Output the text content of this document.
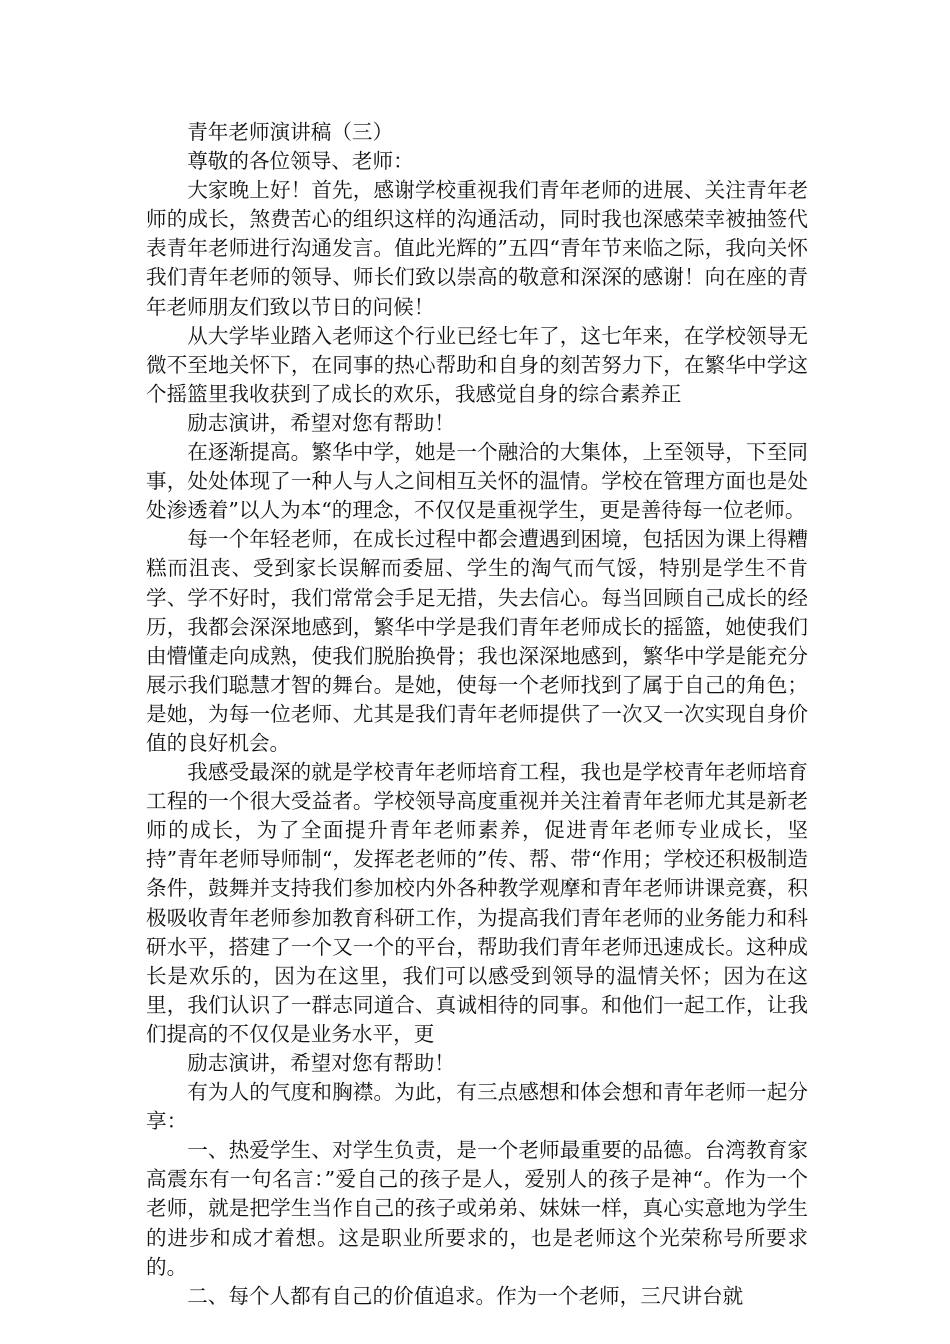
青年老师演讲稿（三）

尊敬的各位领导、老师：

大家晚上好！首先，感谢学校重视我们青年老师的进展、关注青年老师的成长，煞费苦心的组织这样的沟通活动，同时我也深感荣幸被抽签代表青年老师进行沟通发言。值此光辉的”五四“青年节来临之际，我向关怀我们青年老师的领导、师长们致以崇高的敬意和深深的感谢！向在座的青年老师朋友们致以节日的问候！

从大学毕业踏入老师这个行业已经七年了，这七年来，在学校领导无微不至地关怀下，在同事的热心帮助和自身的刻苦努力下，在繁华中学这个摇篮里我收获到了成长的欢乐，我感觉自身的综合素养正

励志演讲，希望对您有帮助！

在逐渐提高。繁华中学，她是一个融洽的大集体，上至领导，下至同事，处处体现了一种人与人之间相互关怀的温情。学校在管理方面也是处处渗透着”以人为本“的理念，不仅仅是重视学生，更是善待每一位老师。

每一个年轻老师，在成长过程中都会遭遇到困境，包括因为课上得糟糕而沮丧、受到家长误解而委屈、学生的淘气而气馁，特别是学生不肯学、学不好时，我们常常会手足无措，失去信心。每当回顾自己成长的经历，我都会深深地感到，繁华中学是我们青年老师成长的摇篮，她使我们由懵懂走向成熟，使我们脱胎换骨；我也深深地感到，繁华中学是能充分展示我们聪慧才智的舞台。是她，使每一个老师找到了属于自己的角色；是她，为每一位老师、尤其是我们青年老师提供了一次又一次实现自身价值的良好机会。

我感受最深的就是学校青年老师培育工程，我也是学校青年老师培育工程的一个很大受益者。学校领导高度重视并关注着青年老师尤其是新老师的成长，为了全面提升青年老师素养，促进青年老师专业成长，坚持”青年老师导师制“，发挥老老师的”传、帮、带“作用；学校还积极制造条件，鼓舞并支持我们参加校内外各种教学观摩和青年老师讲课竞赛，积极吸收青年老师参加教育科研工作，为提高我们青年老师的业务能力和科研水平，搭建了一个又一个的平台，帮助我们青年老师迅速成长。这种成长是欢乐的，因为在这里，我们可以感受到领导的温情关怀；因为在这里，我们认识了一群志同道合、真诚相待的同事。和他们一起工作，让我们提高的不仅仅是业务水平，更

励志演讲，希望对您有帮助！

有为人的气度和胸襟。为此，有三点感想和体会想和青年老师一起分享：

一、热爱学生、对学生负责，是一个老师最重要的品德。台湾教育家高震东有一句名言：”爱自己的孩子是人，爱别人的孩子是神“。作为一个老师，就是把学生当作自己的孩子或弟弟、妹妹一样，真心实意地为学生的进步和成才着想。这是职业所要求的，也是老师这个光荣称号所要求的。

二、每个人都有自己的价值追求。作为一个老师，三尺讲台就
